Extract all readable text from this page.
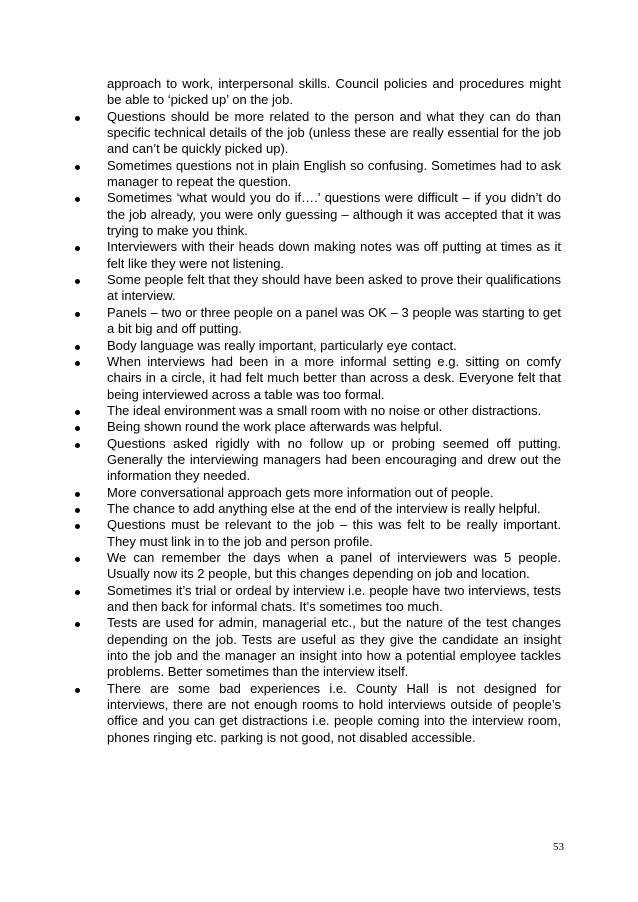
approach to work, interpersonal skills. Council policies and procedures might be able to ‘picked up’ on the job.

Questions should be more related to the person and what they can do than specific technical details of the job (unless these are really essential for the job and can’t be quickly picked up).
Sometimes questions not in plain English so confusing. Sometimes had to ask manager to repeat the question.
Sometimes ‘what would you do if….’ questions were difficult – if you didn’t do the job already, you were only guessing – although it was accepted that it was trying to make you think.
Interviewers with their heads down making notes was off putting at times as it felt like they were not listening.
Some people felt that they should have been asked to prove their qualifications at interview.
Panels – two or three people on a panel was OK – 3 people was starting to get a bit big and off putting.
Body language was really important, particularly eye contact.
When interviews had been in a more informal setting e.g. sitting on comfy chairs in a circle, it had felt much better than across a desk. Everyone felt that being interviewed across a table was too formal.
The ideal environment was a small room with no noise or other distractions.
Being shown round the work place afterwards was helpful.
Questions asked rigidly with no follow up or probing seemed off putting. Generally the interviewing managers had been encouraging and drew out the information they needed.
More conversational approach gets more information out of people.
The chance to add anything else at the end of the interview is really helpful.
Questions must be relevant to the job – this was felt to be really important. They must link in to the job and person profile.
We can remember the days when a panel of interviewers was 5 people. Usually now its 2 people, but this changes depending on job and location.
Sometimes it’s trial or ordeal by interview i.e. people have two interviews, tests and then back for informal chats. It’s sometimes too much.
Tests are used for admin, managerial etc., but the nature of the test changes depending on the job. Tests are useful as they give the candidate an insight into the job and the manager an insight into how a potential employee tackles problems. Better sometimes than the interview itself.
There are some bad experiences i.e. County Hall is not designed for interviews, there are not enough rooms to hold interviews outside of people’s office and you can get distractions i.e. people coming into the interview room, phones ringing etc. parking is not good, not disabled accessible.
53
